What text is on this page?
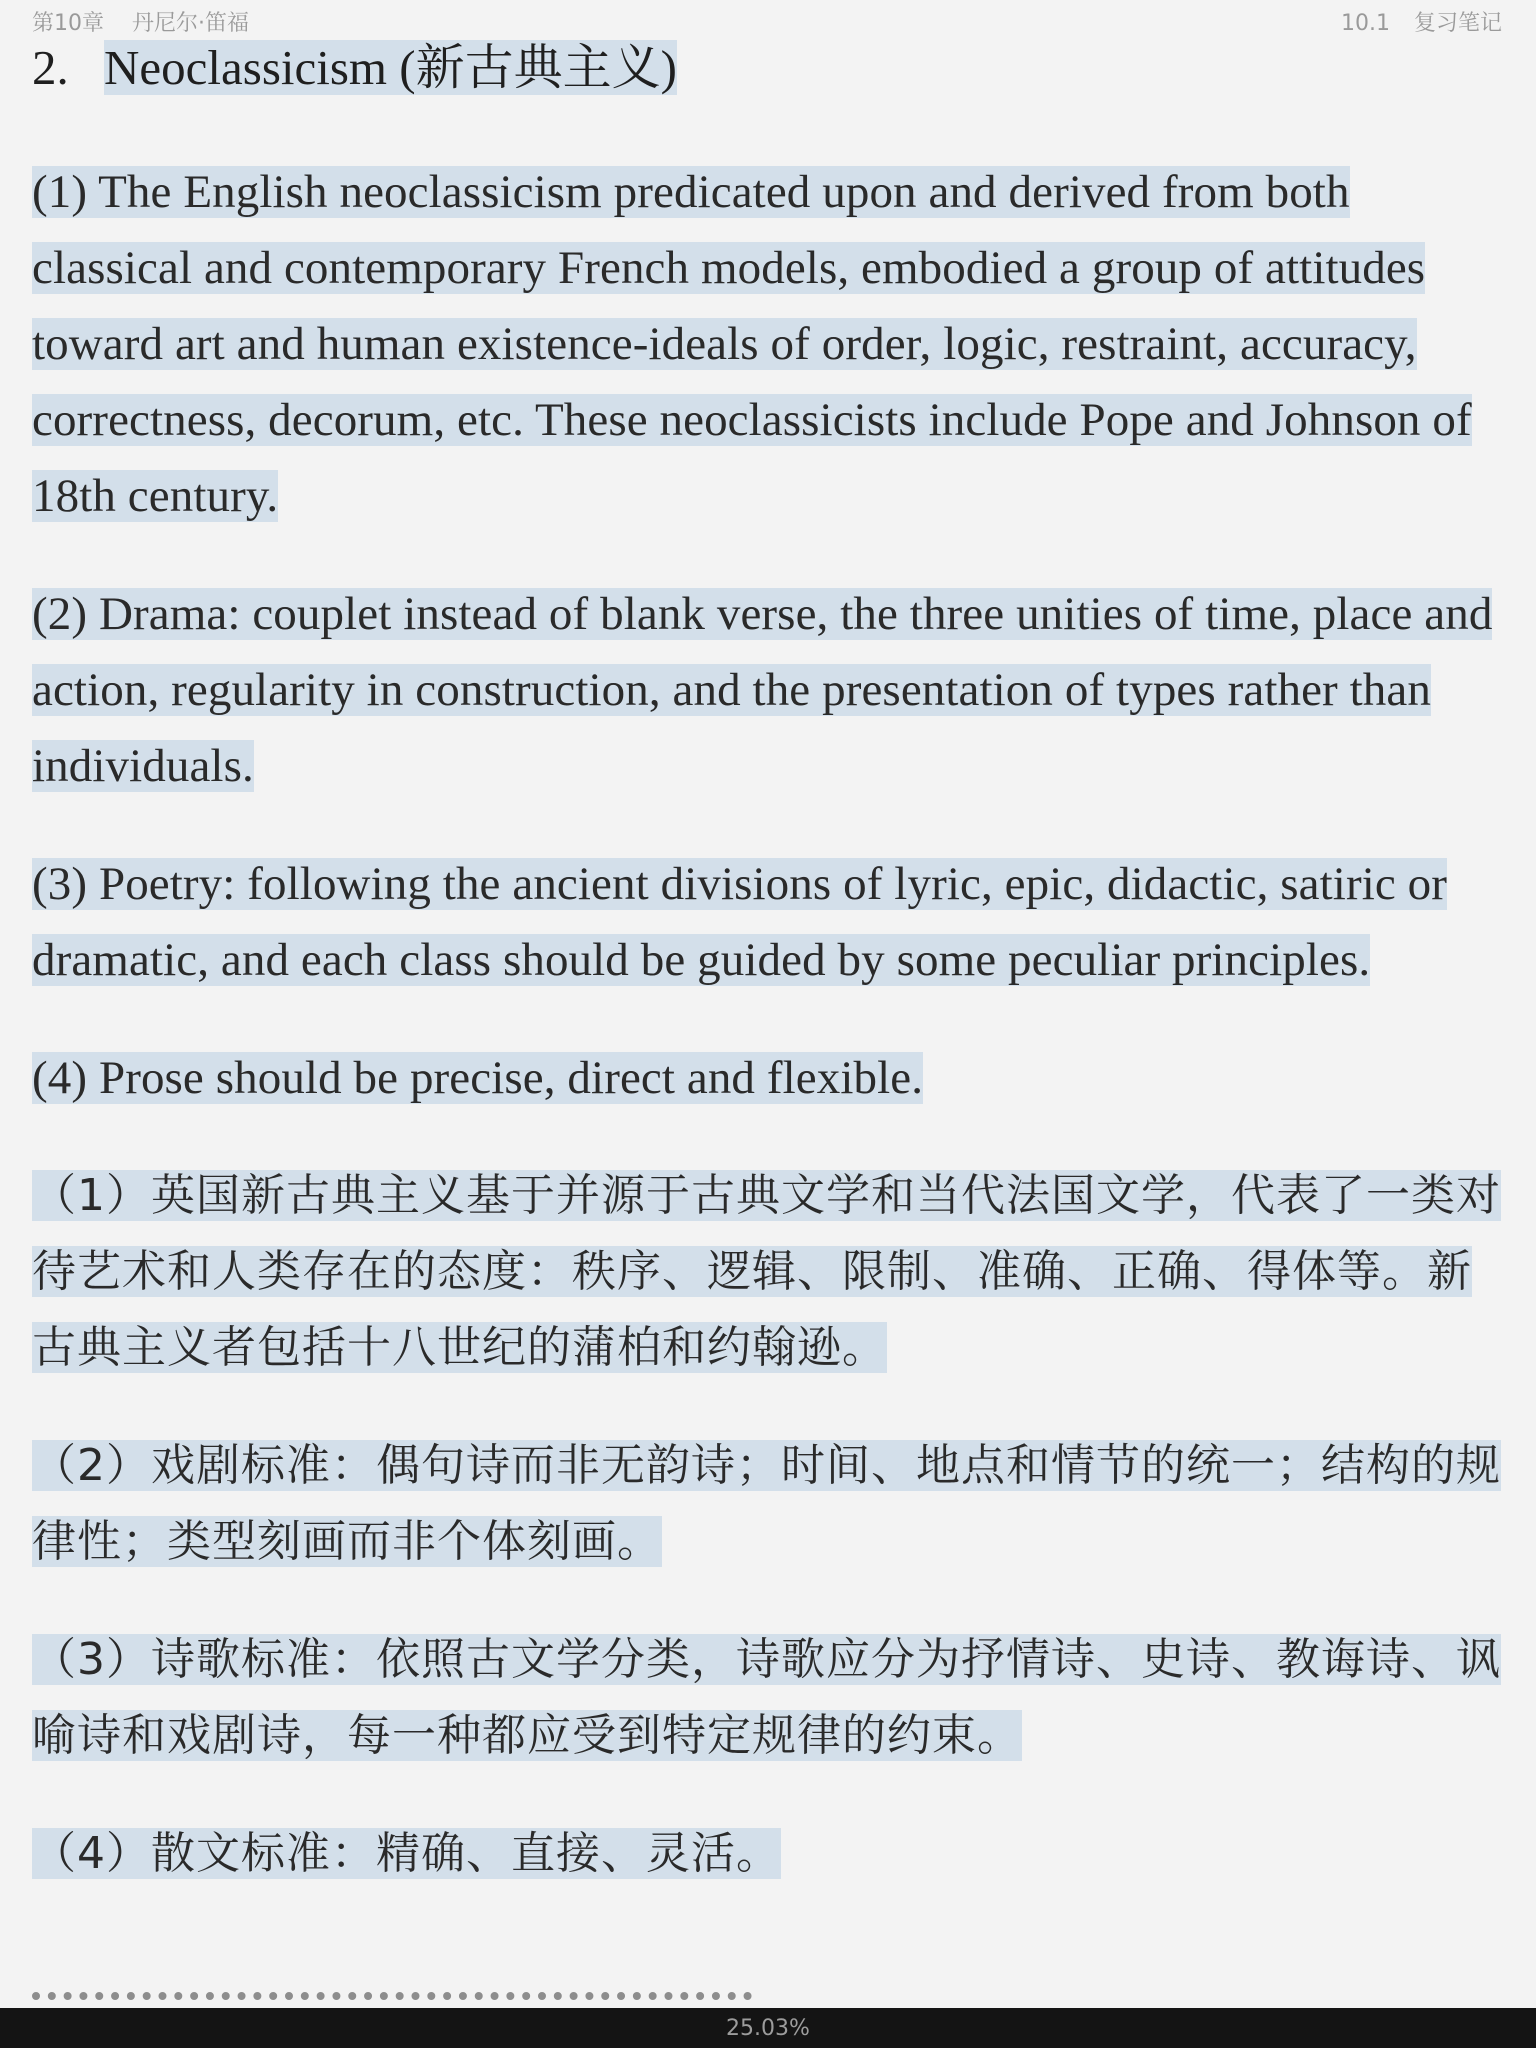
第10章 丹尼尔·笛福	10.1 复习笔记
2. Neoclassicism (新古典主义)

(1) The English neoclassicism predicated upon and derived from both classical and contemporary French models, embodied a group of attitudes toward art and human existence-ideals of order, logic, restraint, accuracy, correctness, decorum, etc. These neoclassicists include Pope and Johnson of 18th century.

(2) Drama: couplet instead of blank verse, the three unities of time, place and action, regularity in construction, and the presentation of types rather than individuals.

(3) Poetry: following the ancient divisions of lyric, epic, didactic, satiric or dramatic, and each class should be guided by some peculiar principles.

(4) Prose should be precise, direct and flexible.

（1）英国新古典主义基于并源于古典文学和当代法国文学，代表了一类对待艺术和人类存在的态度：秩序、逻辑、限制、准确、正确、得体等。新古典主义者包括十八世纪的蒲柏和约翰逊。

（2）戏剧标准：偶句诗而非无韵诗；时间、地点和情节的统一；结构的规律性；类型刻画而非个体刻画。

（3）诗歌标准：依照古文学分类，诗歌应分为抒情诗、史诗、教诲诗、讽喻诗和戏剧诗，每一种都应受到特定规律的约束。

（4）散文标准：精确、直接、灵活。

25.03%
